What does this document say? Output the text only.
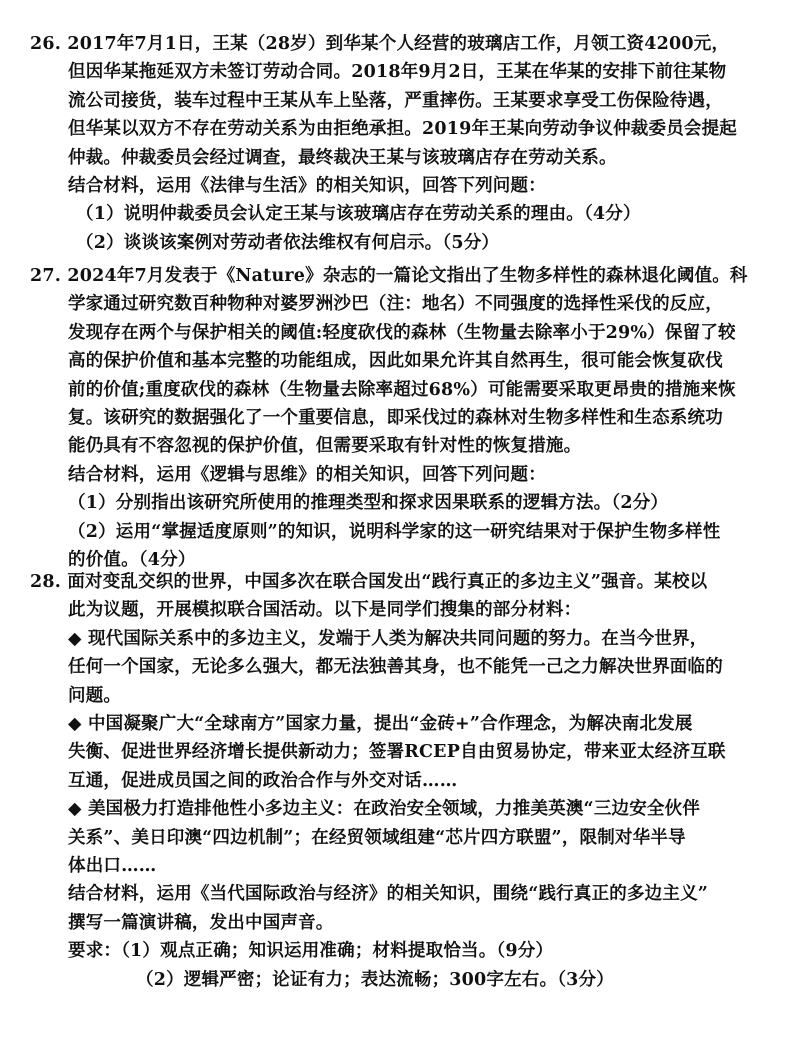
26. 2017年7月1日，王某（28岁）到华某个人经营的玻璃店工作，月领工资4200元，
但因华某拖延双方未签订劳动合同。2018年9月2日，王某在华某的安排下前往某物
流公司接货，装车过程中王某从车上坠落，严重摔伤。王某要求享受工伤保险待遇，
但华某以双方不存在劳动关系为由拒绝承担。2019年王某向劳动争议仲裁委员会提起
仲裁。仲裁委员会经过调查，最终裁决王某与该玻璃店存在劳动关系。
结合材料，运用《法律与生活》的相关知识，回答下列问题：
（1）说明仲裁委员会认定王某与该玻璃店存在劳动关系的理由。（4分）
（2）谈谈该案例对劳动者依法维权有何启示。（5分）
27. 2024年7月发表于《Nature》杂志的一篇论文指出了生物多样性的森林退化阈值。科
学家通过研究数百种物种对婆罗洲沙巴（注：地名）不同强度的选择性采伐的反应，
发现存在两个与保护相关的阈值:轻度砍伐的森林（生物量去除率小于29%）保留了较
高的保护价值和基本完整的功能组成，因此如果允许其自然再生，很可能会恢复砍伐
前的价值;重度砍伐的森林（生物量去除率超过68%）可能需要采取更昂贵的措施来恢
复。该研究的数据强化了一个重要信息，即采伐过的森林对生物多样性和生态系统功
能仍具有不容忽视的保护价值，但需要采取有针对性的恢复措施。
结合材料，运用《逻辑与思维》的相关知识，回答下列问题：
（1）分别指出该研究所使用的推理类型和探求因果联系的逻辑方法。（2分）
（2）运用“掌握适度原则”的知识，说明科学家的这一研究结果对于保护生物多样性
的价值。（4分）
28. 面对变乱交织的世界，中国多次在联合国发出“践行真正的多边主义”强音。某校以
此为议题，开展模拟联合国活动。以下是同学们搜集的部分材料：
◆ 现代国际关系中的多边主义，发端于人类为解决共同问题的努力。在当今世界，
任何一个国家，无论多么强大，都无法独善其身，也不能凭一己之力解决世界面临的
问题。
◆ 中国凝聚广大“全球南方”国家力量，提出“金砖+”合作理念，为解决南北发展
失衡、促进世界经济增长提供新动力；签署RCEP自由贸易协定，带来亚太经济互联
互通，促进成员国之间的政治合作与外交对话……
◆ 美国极力打造排他性小多边主义：在政治安全领域，力推美英澳“三边安全伙伴
关系”、美日印澳“四边机制”；在经贸领域组建“芯片四方联盟”，限制对华半导
体出口……
结合材料，运用《当代国际政治与经济》的相关知识，围绕“践行真正的多边主义”
撰写一篇演讲稿，发出中国声音。
要求：（1）观点正确；知识运用准确；材料提取恰当。（9分）
（2）逻辑严密；论证有力；表达流畅；300字左右。（3分）
